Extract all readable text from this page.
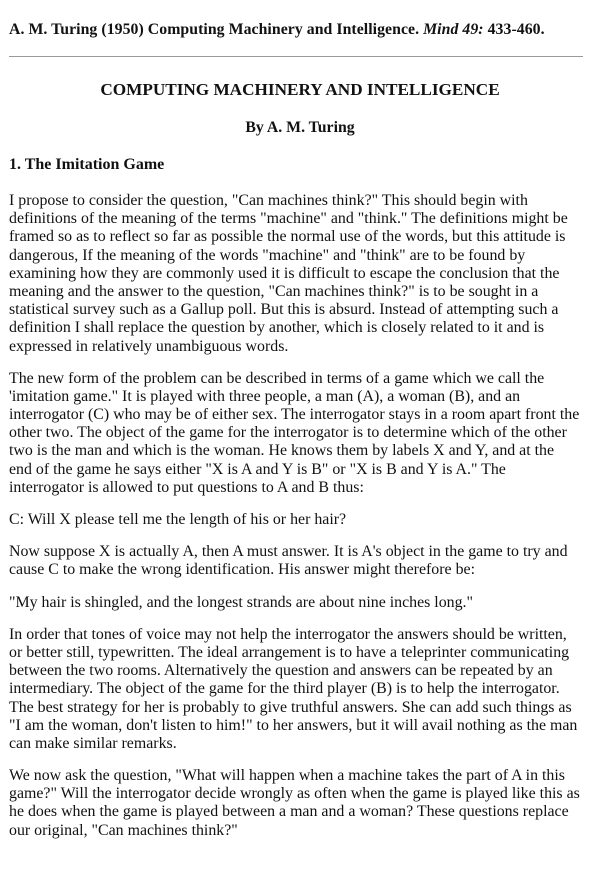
A. M. Turing (1950) Computing Machinery and Intelligence. Mind 49: 433-460.
COMPUTING MACHINERY AND INTELLIGENCE
By A. M. Turing
1. The Imitation Game
I propose to consider the question, "Can machines think?" This should begin with
definitions of the meaning of the terms "machine" and "think." The definitions might be
framed so as to reflect so far as possible the normal use of the words, but this attitude is
dangerous, If the meaning of the words "machine" and "think" are to be found by
examining how they are commonly used it is difficult to escape the conclusion that the
meaning and the answer to the question, "Can machines think?" is to be sought in a
statistical survey such as a Gallup poll. But this is absurd. Instead of attempting such a
definition I shall replace the question by another, which is closely related to it and is
expressed in relatively unambiguous words.
The new form of the problem can be described in terms of a game which we call the
'imitation game." It is played with three people, a man (A), a woman (B), and an
interrogator (C) who may be of either sex. The interrogator stays in a room apart front the
other two. The object of the game for the interrogator is to determine which of the other
two is the man and which is the woman. He knows them by labels X and Y, and at the
end of the game he says either "X is A and Y is B" or "X is B and Y is A." The
interrogator is allowed to put questions to A and B thus:
C: Will X please tell me the length of his or her hair?
Now suppose X is actually A, then A must answer. It is A's object in the game to try and
cause C to make the wrong identification. His answer might therefore be:
"My hair is shingled, and the longest strands are about nine inches long."
In order that tones of voice may not help the interrogator the answers should be written,
or better still, typewritten. The ideal arrangement is to have a teleprinter communicating
between the two rooms. Alternatively the question and answers can be repeated by an
intermediary. The object of the game for the third player (B) is to help the interrogator.
The best strategy for her is probably to give truthful answers. She can add such things as
"I am the woman, don't listen to him!" to her answers, but it will avail nothing as the man
can make similar remarks.
We now ask the question, "What will happen when a machine takes the part of A in this
game?" Will the interrogator decide wrongly as often when the game is played like this as
he does when the game is played between a man and a woman? These questions replace
our original, "Can machines think?"
